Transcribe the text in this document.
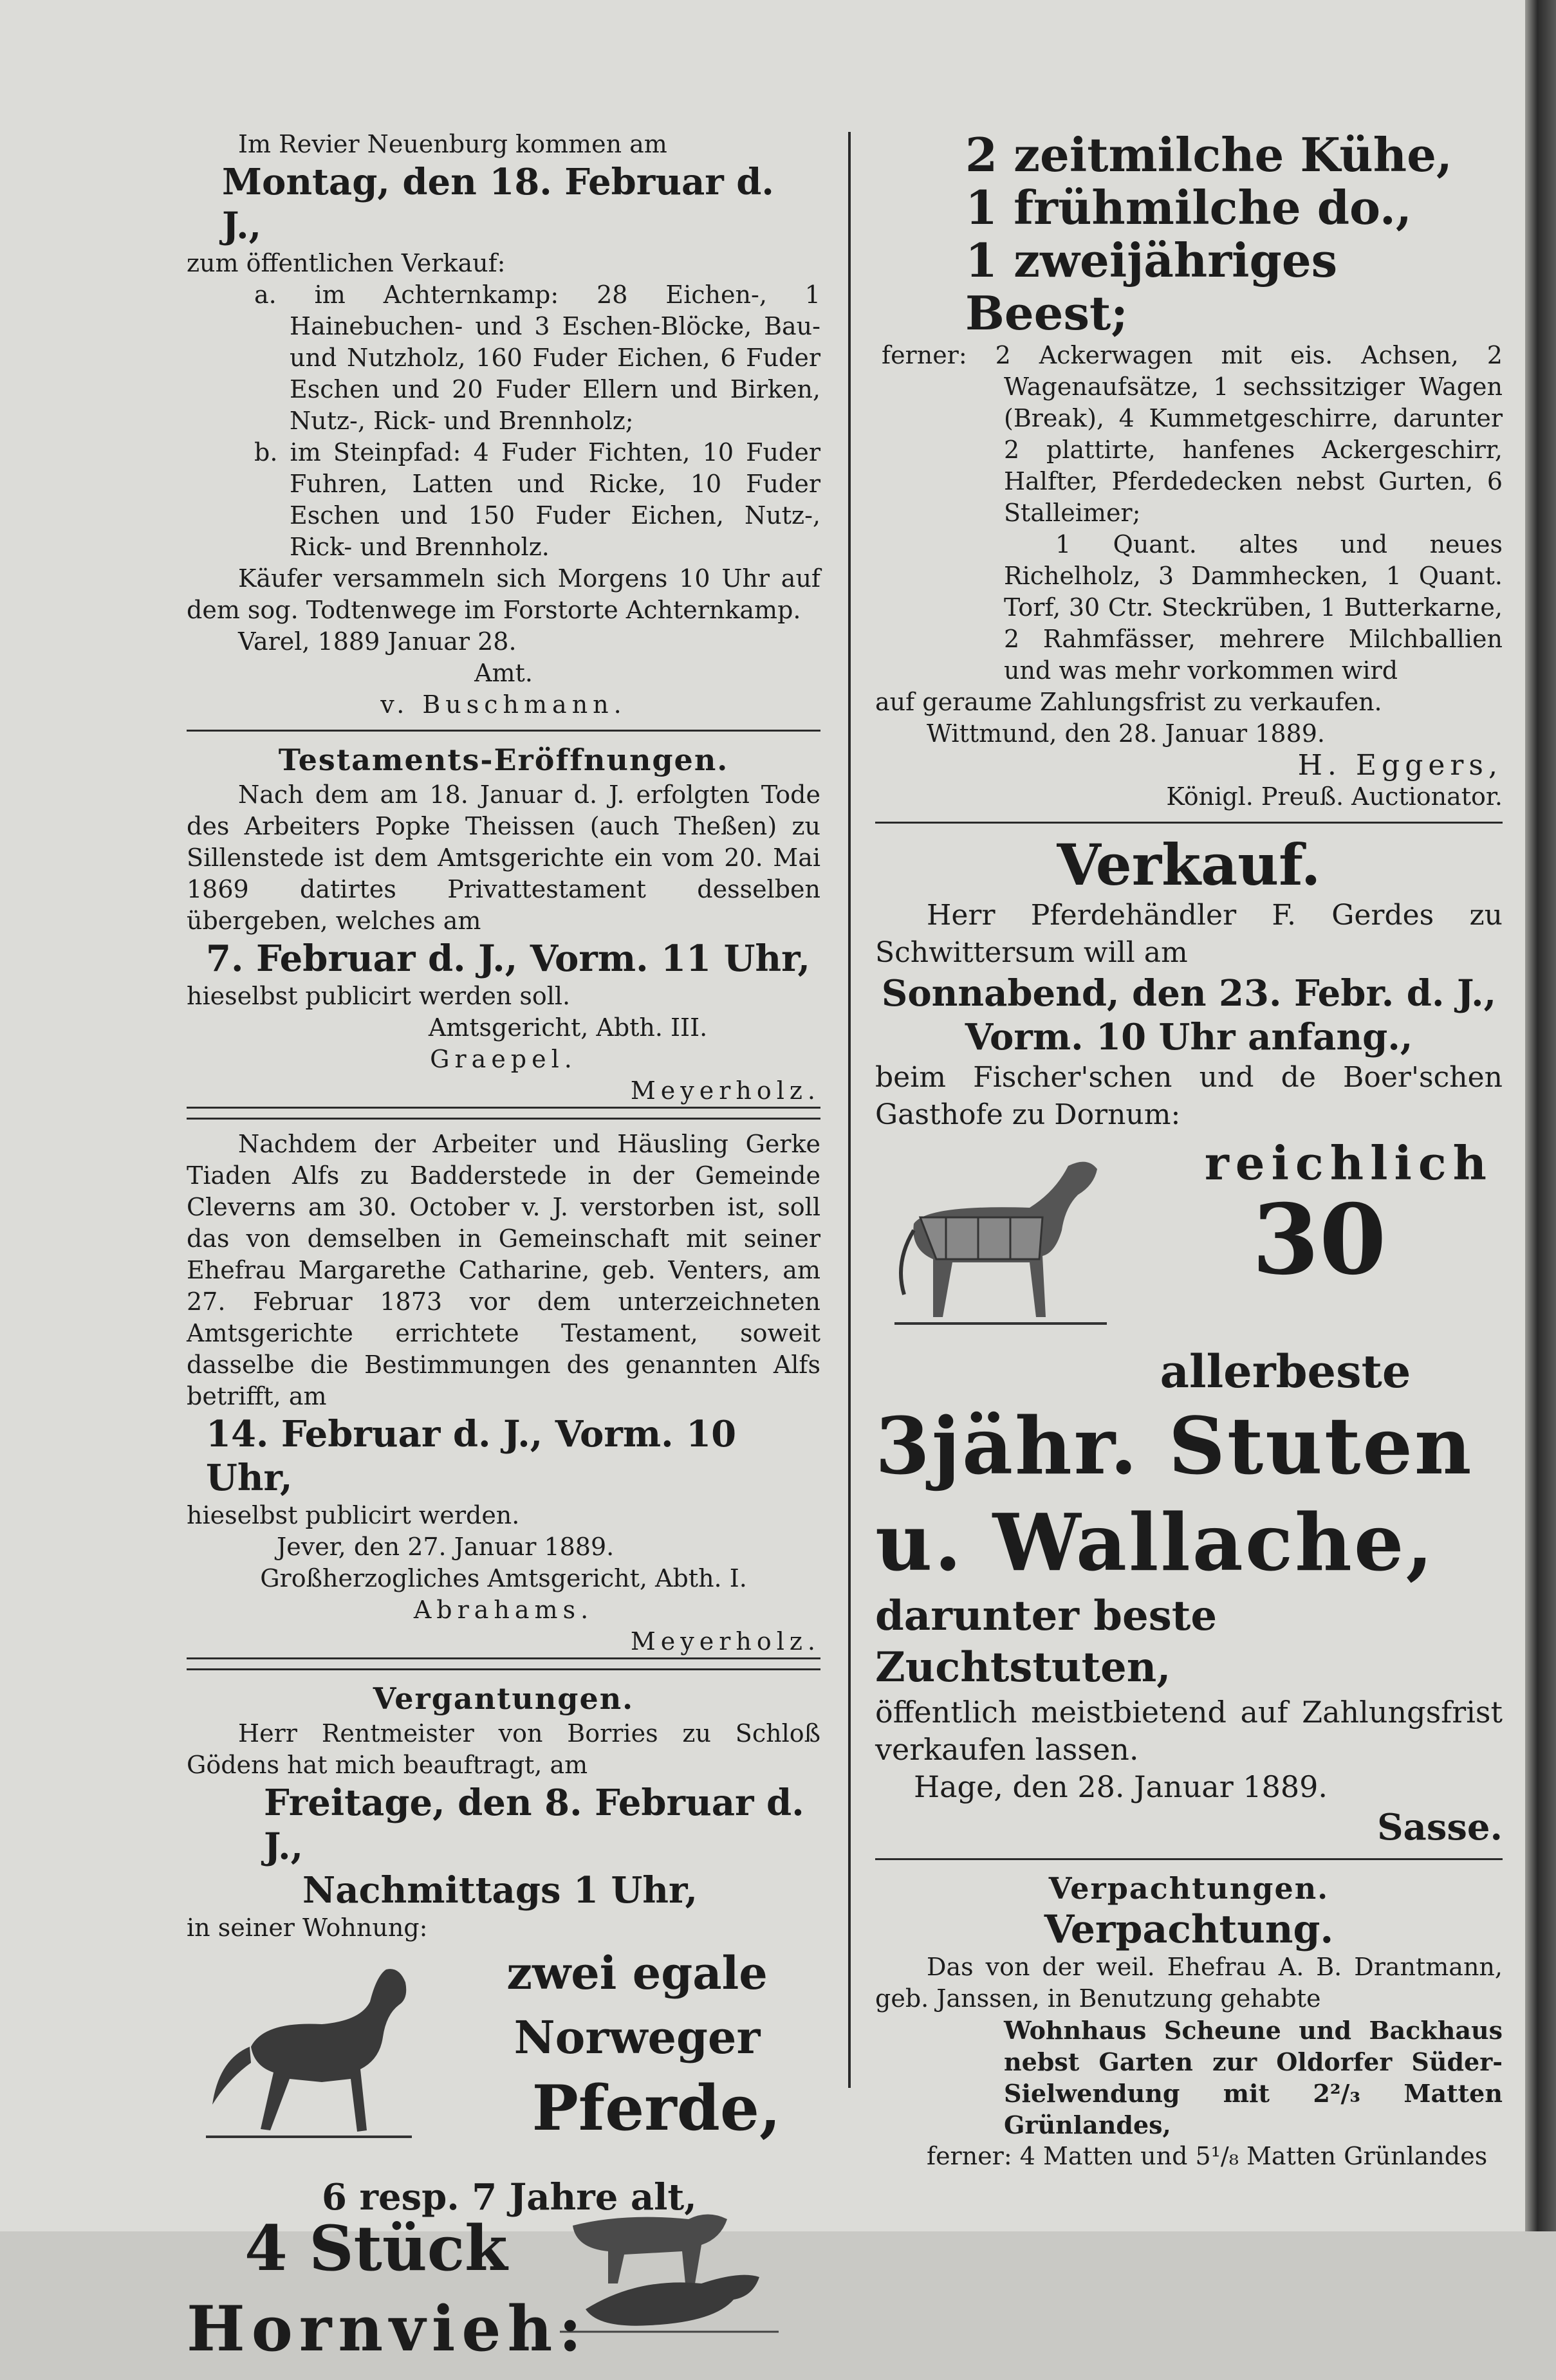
Im Revier Neuenburg kommen am

Montag, den 18. Februar d. J.,

zum öffentlichen Verkauf:

a. im Achternkamp: 28 Eichen-, 1 Hainebuchen- und 3 Eschen-Blöcke, Bau- und Nutzholz, 160 Fuder Eichen, 6 Fuder Eschen und 20 Fuder Ellern und Birken, Nutz-, Rick- und Brennholz;

b. im Steinpfad: 4 Fuder Fichten, 10 Fuder Fuhren, Latten und Ricke, 10 Fuder Eschen und 150 Fuder Eichen, Nutz-, Rick- und Brennholz.

Käufer versammeln sich Morgens 10 Uhr auf dem sog. Todtenwege im Forstorte Achternkamp.

Varel, 1889 Januar 28.

Amt.

v. Buschmann.

Testaments-Eröffnungen.

Nach dem am 18. Januar d. J. erfolgten Tode des Arbeiters Popke Theissen (auch Theßen) zu Sillenstede ist dem Amtsgerichte ein vom 20. Mai 1869 datirtes Privattestament desselben übergeben, welches am

7. Februar d. J., Vorm. 11 Uhr,

hieselbst publicirt werden soll.

Amtsgericht, Abth. III.

Graepel.

Meyerholz.

Nachdem der Arbeiter und Häusling Gerke Tiaden Alfs zu Badderstede in der Gemeinde Cleverns am 30. October v. J. verstorben ist, soll das von demselben in Gemeinschaft mit seiner Ehefrau Margarethe Catharine, geb. Venters, am 27. Februar 1873 vor dem unterzeichneten Amtsgerichte errichtete Testament, soweit dasselbe die Bestimmungen des genannten Alfs betrifft, am

14. Februar d. J., Vorm. 10 Uhr,

hieselbst publicirt werden.

Jever, den 27. Januar 1889.

Großherzogliches Amtsgericht, Abth. I.

Abrahams.

Meyerholz.

Vergantungen.

Herr Rentmeister von Borries zu Schloß Gödens hat mich beauftragt, am

Freitage, den 8. Februar d. J.,

Nachmittags 1 Uhr,

in seiner Wohnung:

zwei egale

Norweger

Pferde,

6 resp. 7 Jahre alt,

4 Stück

Hornvieh:

2 zeitmilche Kühe,

1 frühmilche do.,

1 zweijähriges Beest;

ferner: 2 Ackerwagen mit eis. Achsen, 2 Wagenaufsätze, 1 sechssitziger Wagen (Break), 4 Kummetgeschirre, darunter 2 plattirte, hanfenes Ackergeschirr, Halfter, Pferdedecken nebst Gurten, 6 Stalleimer;

1 Quant. altes und neues Richelholz, 3 Dammhecken, 1 Quant. Torf, 30 Ctr. Steckrüben, 1 Butterkarne, 2 Rahmfässer, mehrere Milchballien und was mehr vorkommen wird

auf geraume Zahlungsfrist zu verkaufen.

Wittmund, den 28. Januar 1889.

H. Eggers,

Königl. Preuß. Auctionator.

Verkauf.

Herr Pferdehändler F. Gerdes zu Schwittersum will am

Sonnabend, den 23. Febr. d. J.,

Vorm. 10 Uhr anfang.,

beim Fischer'schen und de Boer'schen Gasthofe zu Dornum:

reichlich

30

allerbeste

3jähr. Stuten

u. Wallache,

darunter beste Zuchtstuten,

öffentlich meistbietend auf Zahlungsfrist verkaufen lassen.

Hage, den 28. Januar 1889.

Sasse.

Verpachtungen.

Verpachtung.

Das von der weil. Ehefrau A. B. Drantmann, geb. Janssen, in Benutzung gehabte

Wohnhaus Scheune und Backhaus nebst Garten zur Oldorfer Süder-Sielwendung mit 2²/₃ Matten Grünlandes,

ferner: 4 Matten und 5¹/₈ Matten Grünlandes
